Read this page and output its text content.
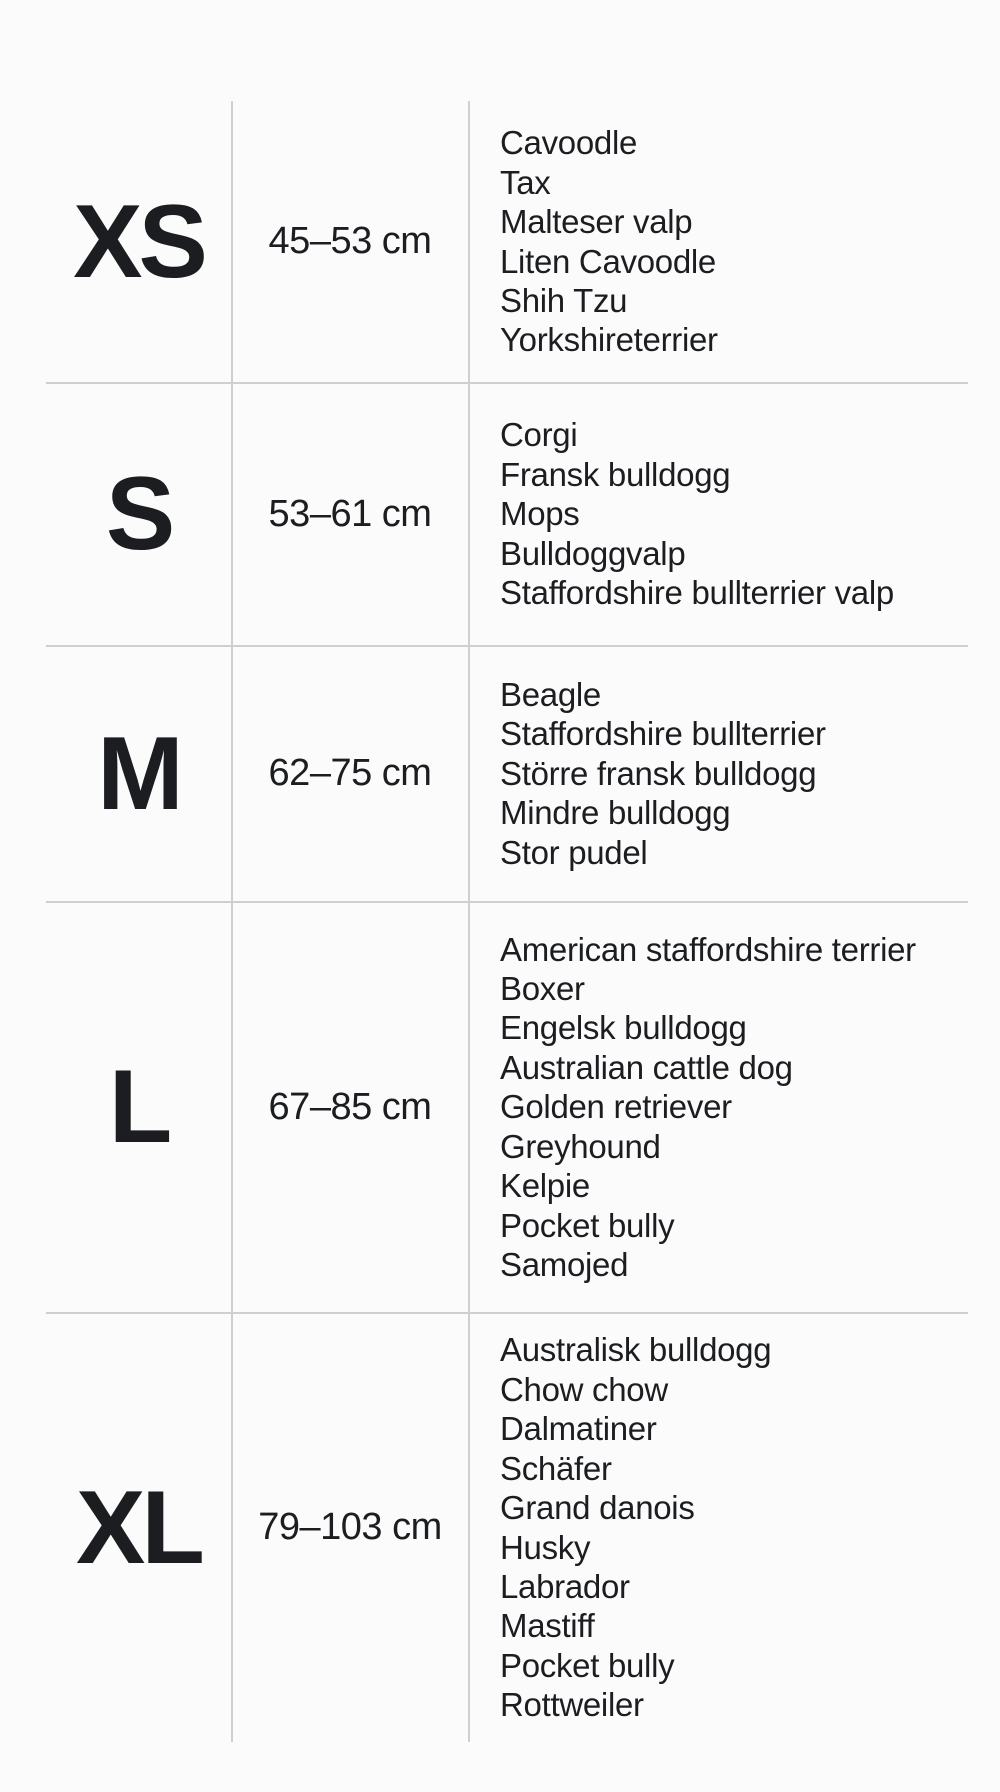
XS 45–53 cm
Cavoodle
Tax
Malteser valp
Liten Cavoodle
Shih Tzu
Yorkshireterrier
S	53–61 cm
Corgi
Fransk bulldogg
Mops
Bulldoggvalp
Staffordshire bullterrier valp
M 62–75 cm
Beagle
Staffordshire bullterrier
Större fransk bulldogg
Mindre bulldogg
Stor pudel
L	67–85 cm
American staffordshire terrier
Boxer
Engelsk bulldogg
Australian cattle dog
Golden retriever
Greyhound
Kelpie
Pocket bully
Samojed
XL 79–103 cm
Australisk bulldogg
Chow chow
Dalmatiner
Schäfer
Grand danois
Husky
Labrador
Mastiff
Pocket bully
Rottweiler
